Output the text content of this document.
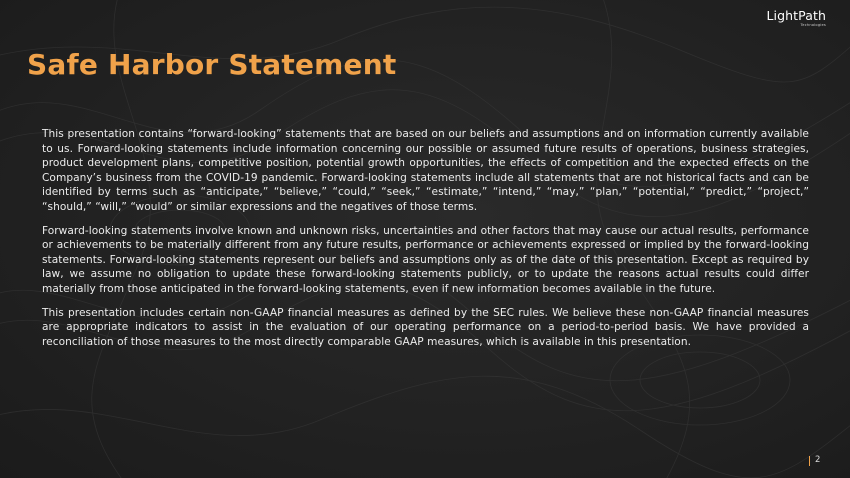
LightPath
Technologies
Safe Harbor Statement

This presentation contains “forward-looking” statements that are based on our beliefs and assumptions and on information currently available to us. Forward-looking statements include information concerning our possible or assumed future results of operations, business strategies, product development plans, competitive position, potential growth opportunities, the effects of competition and the expected effects on the Company’s business from the COVID-19 pandemic. Forward-looking statements include all statements that are not historical facts and can be identified by terms such as “anticipate,” “believe,” “could,” “seek,” “estimate,” “intend,” “may,” “plan,” “potential,” “predict,” “project,” “should,” “will,” “would” or similar expressions and the negatives of those terms.

Forward-looking statements involve known and unknown risks, uncertainties and other factors that may cause our actual results, performance or achievements to be materially different from any future results, performance or achievements expressed or implied by the forward-looking statements. Forward-looking statements represent our beliefs and assumptions only as of the date of this presentation. Except as required by law, we assume no obligation to update these forward-looking statements publicly, or to update the reasons actual results could differ materially from those anticipated in the forward-looking statements, even if new information becomes available in the future.

This presentation includes certain non-GAAP financial measures as defined by the SEC rules. We believe these non-GAAP financial measures are appropriate indicators to assist in the evaluation of our operating performance on a period-to-period basis. We have provided a reconciliation of those measures to the most directly comparable GAAP measures, which is available in this presentation.

2
